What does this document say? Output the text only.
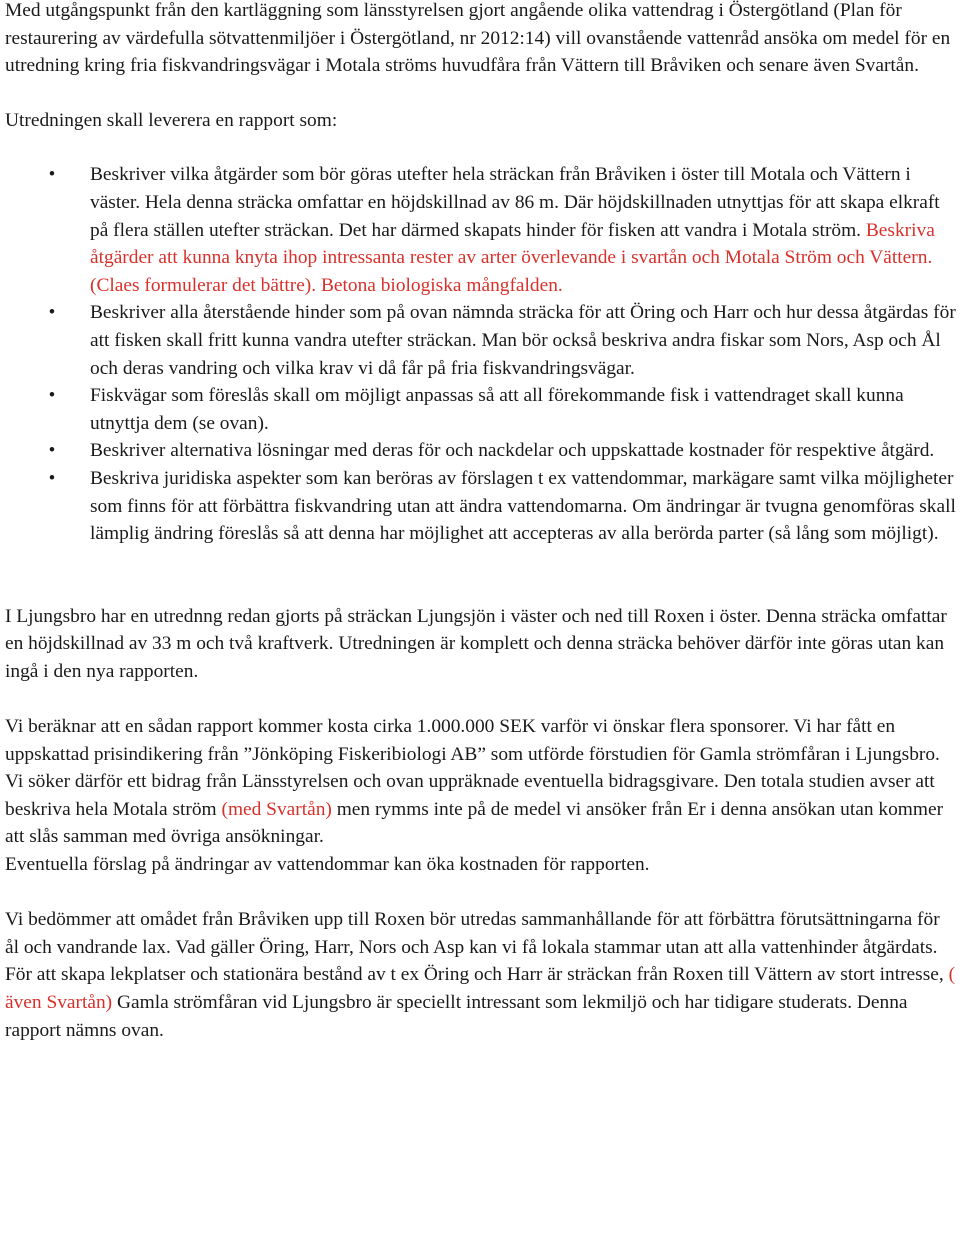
Med utgångspunkt från den kartläggning som länsstyrelsen gjort angående olika vattendrag i Östergötland (Plan för restaurering av värdefulla sötvattenmiljöer i Östergötland, nr 2012:14) vill ovanstående vattenråd ansöka om medel för en utredning kring fria fiskvandringsvägar i Motala ströms huvudfåra från Vättern till Bråviken och senare även Svartån.

Utredningen skall leverera en rapport som:

• Beskriver vilka åtgärder som bör göras utefter hela sträckan från Bråviken i öster till Motala och Vättern i väster. Hela denna sträcka omfattar en höjdskillnad av 86 m. Där höjdskillnaden utnyttjas för att skapa elkraft på flera ställen utefter sträckan. Det har därmed skapats hinder för fisken att vandra i Motala ström. Beskriva åtgärder att kunna knyta ihop intressanta rester av arter överlevande i svartån och Motala Ström och Vättern.(Claes formulerar det bättre). Betona biologiska mångfalden.
• Beskriver alla återstående hinder som på ovan nämnda sträcka för att Öring och Harr och hur dessa åtgärdas för att fisken skall fritt kunna vandra utefter sträckan. Man bör också beskriva andra fiskar som Nors, Asp och Ål och deras vandring och vilka krav vi då får på fria fiskvandringsvägar.
• Fiskvägar som föreslås skall om möjligt anpassas så att all förekommande fisk i vattendraget skall kunna utnyttja dem (se ovan).
• Beskriver alternativa lösningar med deras för och nackdelar och uppskattade kostnader för respektive åtgärd.
• Beskriva juridiska aspekter som kan beröras av förslagen t ex vattendommar, markägare samt vilka möjligheter som finns för att förbättra fiskvandring utan att ändra vattendomarna. Om ändringar är tvugna genomföras skall lämplig ändring föreslås så att denna har möjlighet att accepteras av alla berörda parter (så lång som möjligt).

I Ljungsbro har en utrednng redan gjorts på sträckan Ljungsjön i väster och ned till Roxen i öster. Denna sträcka omfattar en höjdskillnad av 33 m och två kraftverk. Utredningen är komplett och denna sträcka behöver därför inte göras utan kan ingå i den nya rapporten.

Vi beräknar att en sådan rapport kommer kosta cirka 1.000.000 SEK varför vi önskar flera sponsorer. Vi har fått en uppskattad prisindikering från ”Jönköping Fiskeribiologi AB” som utförde förstudien för Gamla strömfåran i Ljungsbro. Vi söker därför ett bidrag från Länsstyrelsen och ovan uppräknade eventuella bidragsgivare. Den totala studien avser att beskriva hela Motala ström (med Svartån) men rymms inte på de medel vi ansöker från Er i denna ansökan utan kommer att slås samman med övriga ansökningar.

Eventuella förslag på ändringar av vattendommar kan öka kostnaden för rapporten.

Vi bedömmer att omådet från Bråviken upp till Roxen bör utredas sammanhållande för att förbättra förutsättningarna för ål och vandrande lax. Vad gäller Öring, Harr, Nors och Asp kan vi få lokala stammar utan att alla vattenhinder åtgärdats. För att skapa lekplatser och stationära bestånd av t ex Öring och Harr är sträckan från Roxen till Vättern av stort intresse, ( även Svartån) Gamla strömfåran vid Ljungsbro är speciellt intressant som lekmiljö och har tidigare studerats. Denna rapport nämns ovan.
